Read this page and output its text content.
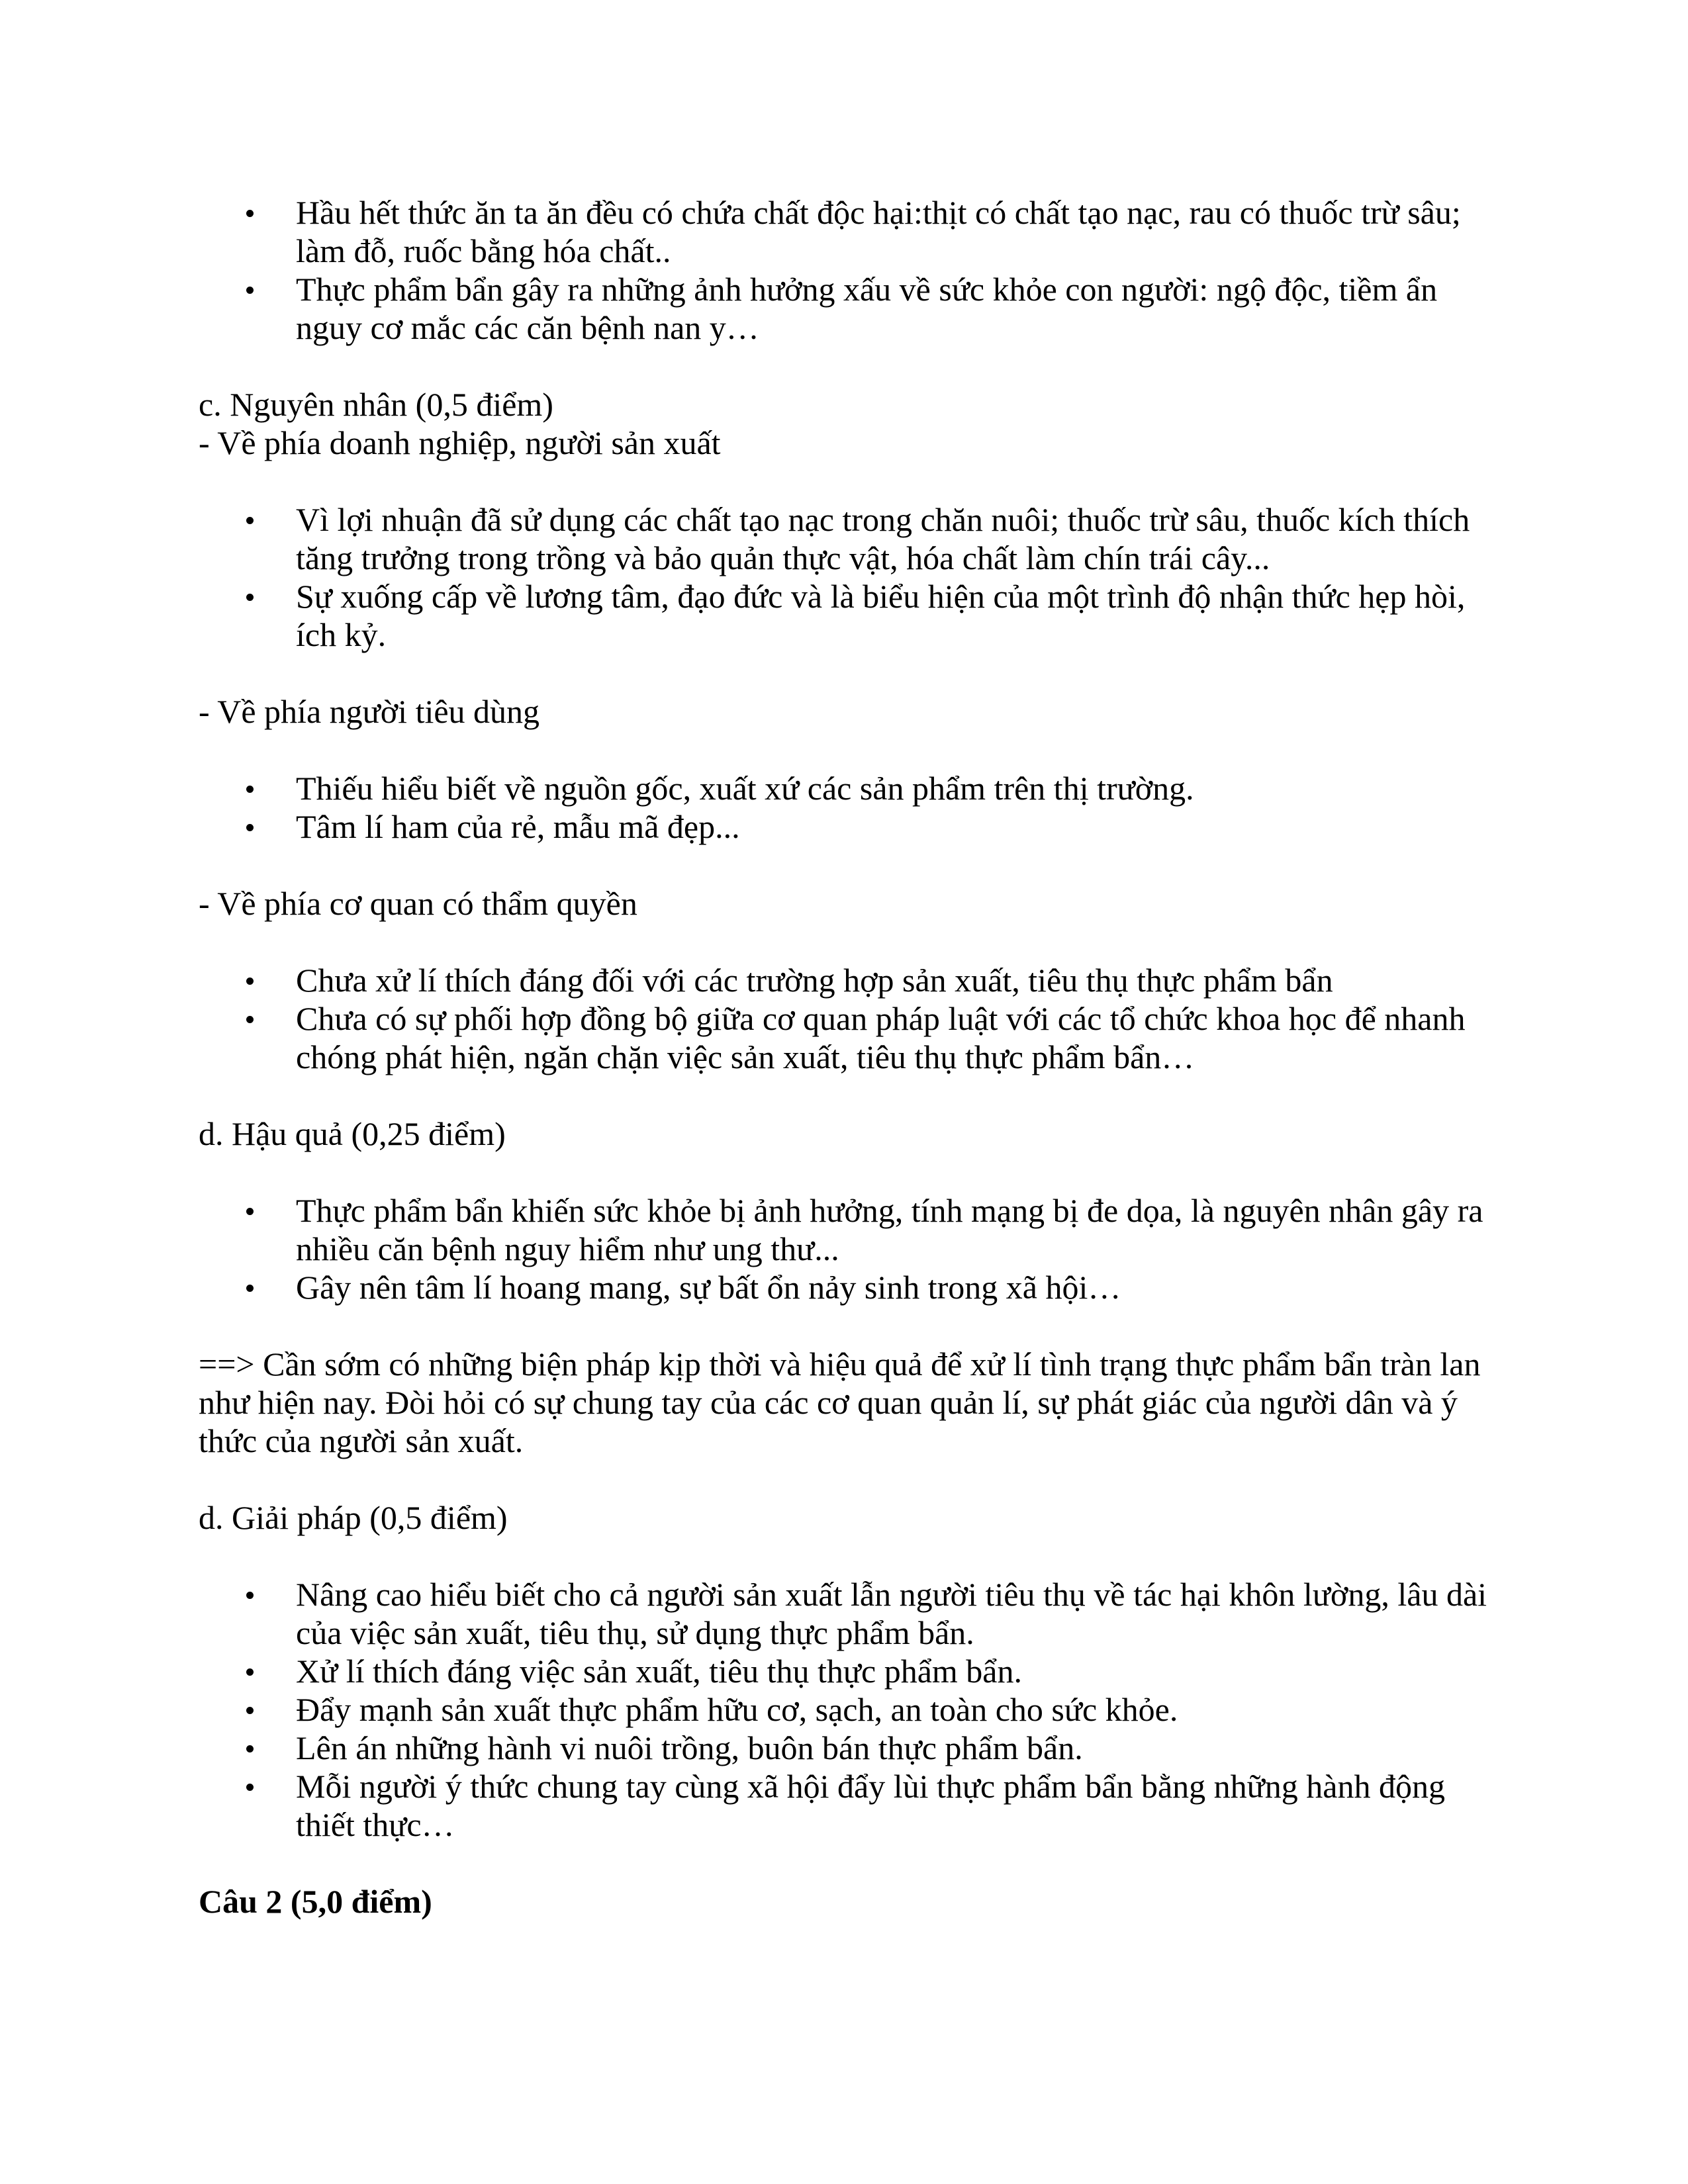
Hầu hết thức ăn ta ăn đều có chứa chất độc hại:thịt có chất tạo nạc, rau có thuốc trừ sâu; làm đỗ, ruốc bằng hóa chất..
Thực phẩm bẩn gây ra những ảnh hưởng xấu về sức khỏe con người: ngộ độc, tiềm ẩn nguy cơ mắc các căn bệnh nan y…

c. Nguyên nhân (0,5 điểm)

- Về phía doanh nghiệp, người sản xuất

Vì lợi nhuận đã sử dụng các chất tạo nạc trong chăn nuôi; thuốc trừ sâu, thuốc kích thích tăng trưởng trong trồng và bảo quản thực vật, hóa chất làm chín trái cây...
Sự xuống cấp về lương tâm, đạo đức và là biểu hiện của một trình độ nhận thức hẹp hòi, ích kỷ.

- Về phía người tiêu dùng

Thiếu hiểu biết về nguồn gốc, xuất xứ các sản phẩm trên thị trường.
Tâm lí ham của rẻ, mẫu mã đẹp...

- Về phía cơ quan có thẩm quyền

Chưa xử lí thích đáng đối với các trường hợp sản xuất, tiêu thụ thực phẩm bẩn
Chưa có sự phối hợp đồng bộ giữa cơ quan pháp luật với các tổ chức khoa học để nhanh chóng phát hiện, ngăn chặn việc sản xuất, tiêu thụ thực phẩm bẩn…

d. Hậu quả (0,25 điểm)

Thực phẩm bẩn khiến sức khỏe bị ảnh hưởng, tính mạng bị đe dọa, là nguyên nhân gây ra nhiều căn bệnh nguy hiểm như ung thư...
Gây nên tâm lí hoang mang, sự bất ổn nảy sinh trong xã hội…

==> Cần sớm có những biện pháp kịp thời và hiệu quả để xử lí tình trạng thực phẩm bẩn tràn lan như hiện nay. Đòi hỏi có sự chung tay của các cơ quan quản lí, sự phát giác của người dân và ý thức của người sản xuất.

d. Giải pháp (0,5 điểm)

Nâng cao hiểu biết cho cả người sản xuất lẫn người tiêu thụ về tác hại khôn lường, lâu dài của việc sản xuất, tiêu thụ, sử dụng thực phẩm bẩn.
Xử lí thích đáng việc sản xuất, tiêu thụ thực phẩm bẩn.
Đẩy mạnh sản xuất thực phẩm hữu cơ, sạch, an toàn cho sức khỏe.
Lên án những hành vi nuôi trồng, buôn bán thực phẩm bẩn.
Mỗi người ý thức chung tay cùng xã hội đẩy lùi thực phẩm bẩn bằng những hành động thiết thực…

Câu 2 (5,0 điểm)
